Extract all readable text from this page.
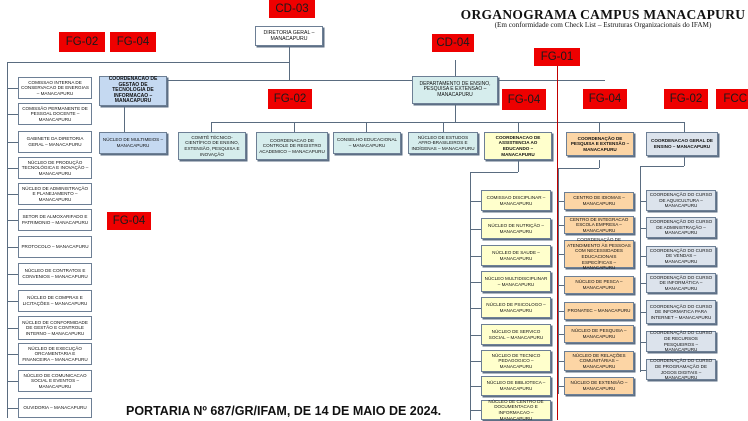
ORGANOGRAMA CAMPUS MANACAPURU
(Em conformidade com Check List – Estruturas Organizacionais do IFAM)
COMISSAO INTERNA DE CONSERVACAO DE ENERGIAS – MANACAPURU
COMISSÃO PERMANENTE DE PESSOAL DOCENTE – MANACAPURU
GABINETE DA DIRETORIA GERAL – MANACAPURU
NÚCLEO DE PRODUÇÃO TECNOLÓGICA E INOVAÇÃO – MANACAPURU
NÚCLEO DE ADMINISTRAÇÃO E PLANEJAMENTO – MANACAPURU
SETOR DE ALMOXARIFADO E PATRIMONIO – MANACAPURU
PROTOCOLO – MANACAPURU
NÚCLEO DE CONTRATOS E CONVENIOS – MANACAPURU
NÚCLEO DE COMPRAS E LICITAÇÕES – MANACAPURU
NÚCLEO DE CONFORMIDADE DE GESTÃO E CONTROLE INTERNO – MANACAPURU
NÚCLEO DE EXECUÇÃO ORCAMENTARIA E FINANCEIRA – MANACAPURU
NÚCLEO DE COMUNICACAO SOCIAL E EVENTOS – MANACAPURU
OUVIDORIA – MANACAPURU
DIRETORIA GERAL – MANACAPURU
COORDENACAO DE GESTAO DE TECNOLOGIA DE INFORMACAO – MANACAPURU
NÚCLEO DE MULTIMEIOS – MANACAPURU
DEPARTAMENTO DE ENSINO, PESQUISA E EXTENSAO – MANACAPURU
COMITÊ TÉCNICO-CIENTÍFICO DE ENSINO, EXTENSÃO, PESQUISA E INOVAÇÃO
COORDENACAO DE CONTROLE DE REGISTRO ACADEMICO – MANACAPURU
CONSELHO EDUCACIONAL – MANACAPURU
NÚCLEO DE ESTUDOS AFRO-BRASILEIROS E INDÍGENAS – MANACAPURU
COORDENACAO DE ASSISTENCIA AO EDUCANDO – MANACAPURU
COORDENAÇÃO DE PESQUISA E EXTENSÃO – MANACAPURU
COORDENACAO GERAL DE ENSINO – MANACAPURU
COMISSAO DISCIPLINAR – MANACAPURU
NÚCLEO DE NUTRIÇÃO – MANACAPURU
NÚCLEO DE SAUDE – MANACAPURU
NÚCLEO MULTIDISCIPLINAR – MANACAPURU
NÚCLEO DE PSICOLOGO – MANACAPURU
NÚCLEO DE SERVICO SOCIAL – MANACAPURU
NÚCLEO DE TECNICO PEDAGOGICO – MANACAPURU
NÚCLEO DE BIBLIOTECA – MANACAPURU
NÚCLEO DE CENTRO DE DOCUMENTACAO E INFORMACAO – MANACAPURU
CENTRO DE IDIOMAS – MANACAPURU
CENTRO DE INTEGRACAO ESCOLA EMPRESA – MANACAPURU
COORDENAÇÃO DE ATENDIMENTO ÀS PESSOAS COM NECESSIDADES EDUCACIONAIS ESPECÍFICAS – MANACAPURU
NÚCLEO DE PESCA – MANACAPURU
PRONATEC – MANACAPURU
NÚCLEO DE PESQUISA – MANACAPURU
NÚCLEO DE RELAÇÕES COMUNITÁRIAS – MANACAPURU
NÚCLEO DE EXTENSÃO – MANACAPURU
COORDENAÇÃO DO CURSO DE AQUICULTURA – MANACAPURU
COORDENAÇÃO DO CURSO DE ADMINISTRAÇÃO – MANACAPURU
COORDENAÇÃO DO CURSO DE VENDAS – MANACAPURU
COORDENAÇÃO DO CURSO DE INFORMÁTICA – MANACAPURU
COORDENAÇÃO DO CURSO DE INFORMATICA PARA INTERNET – MANACAPURU
COORDENAÇÃO DO CURSO DE RECURSOS PESQUEIROS – MANACAPURU
COORDENAÇÃO DO CURSO DE PROGRAMAÇÃO DE JOGOS DIGITAIS – MANACAPURU
CD-03
FG-02	FG-04	CD-04
FG-01
FG-02	FG-04	FG-04	FG-02	FCC
FG-04
PORTARIA Nº 687/GR/IFAM, DE 14 DE MAIO DE 2024.
